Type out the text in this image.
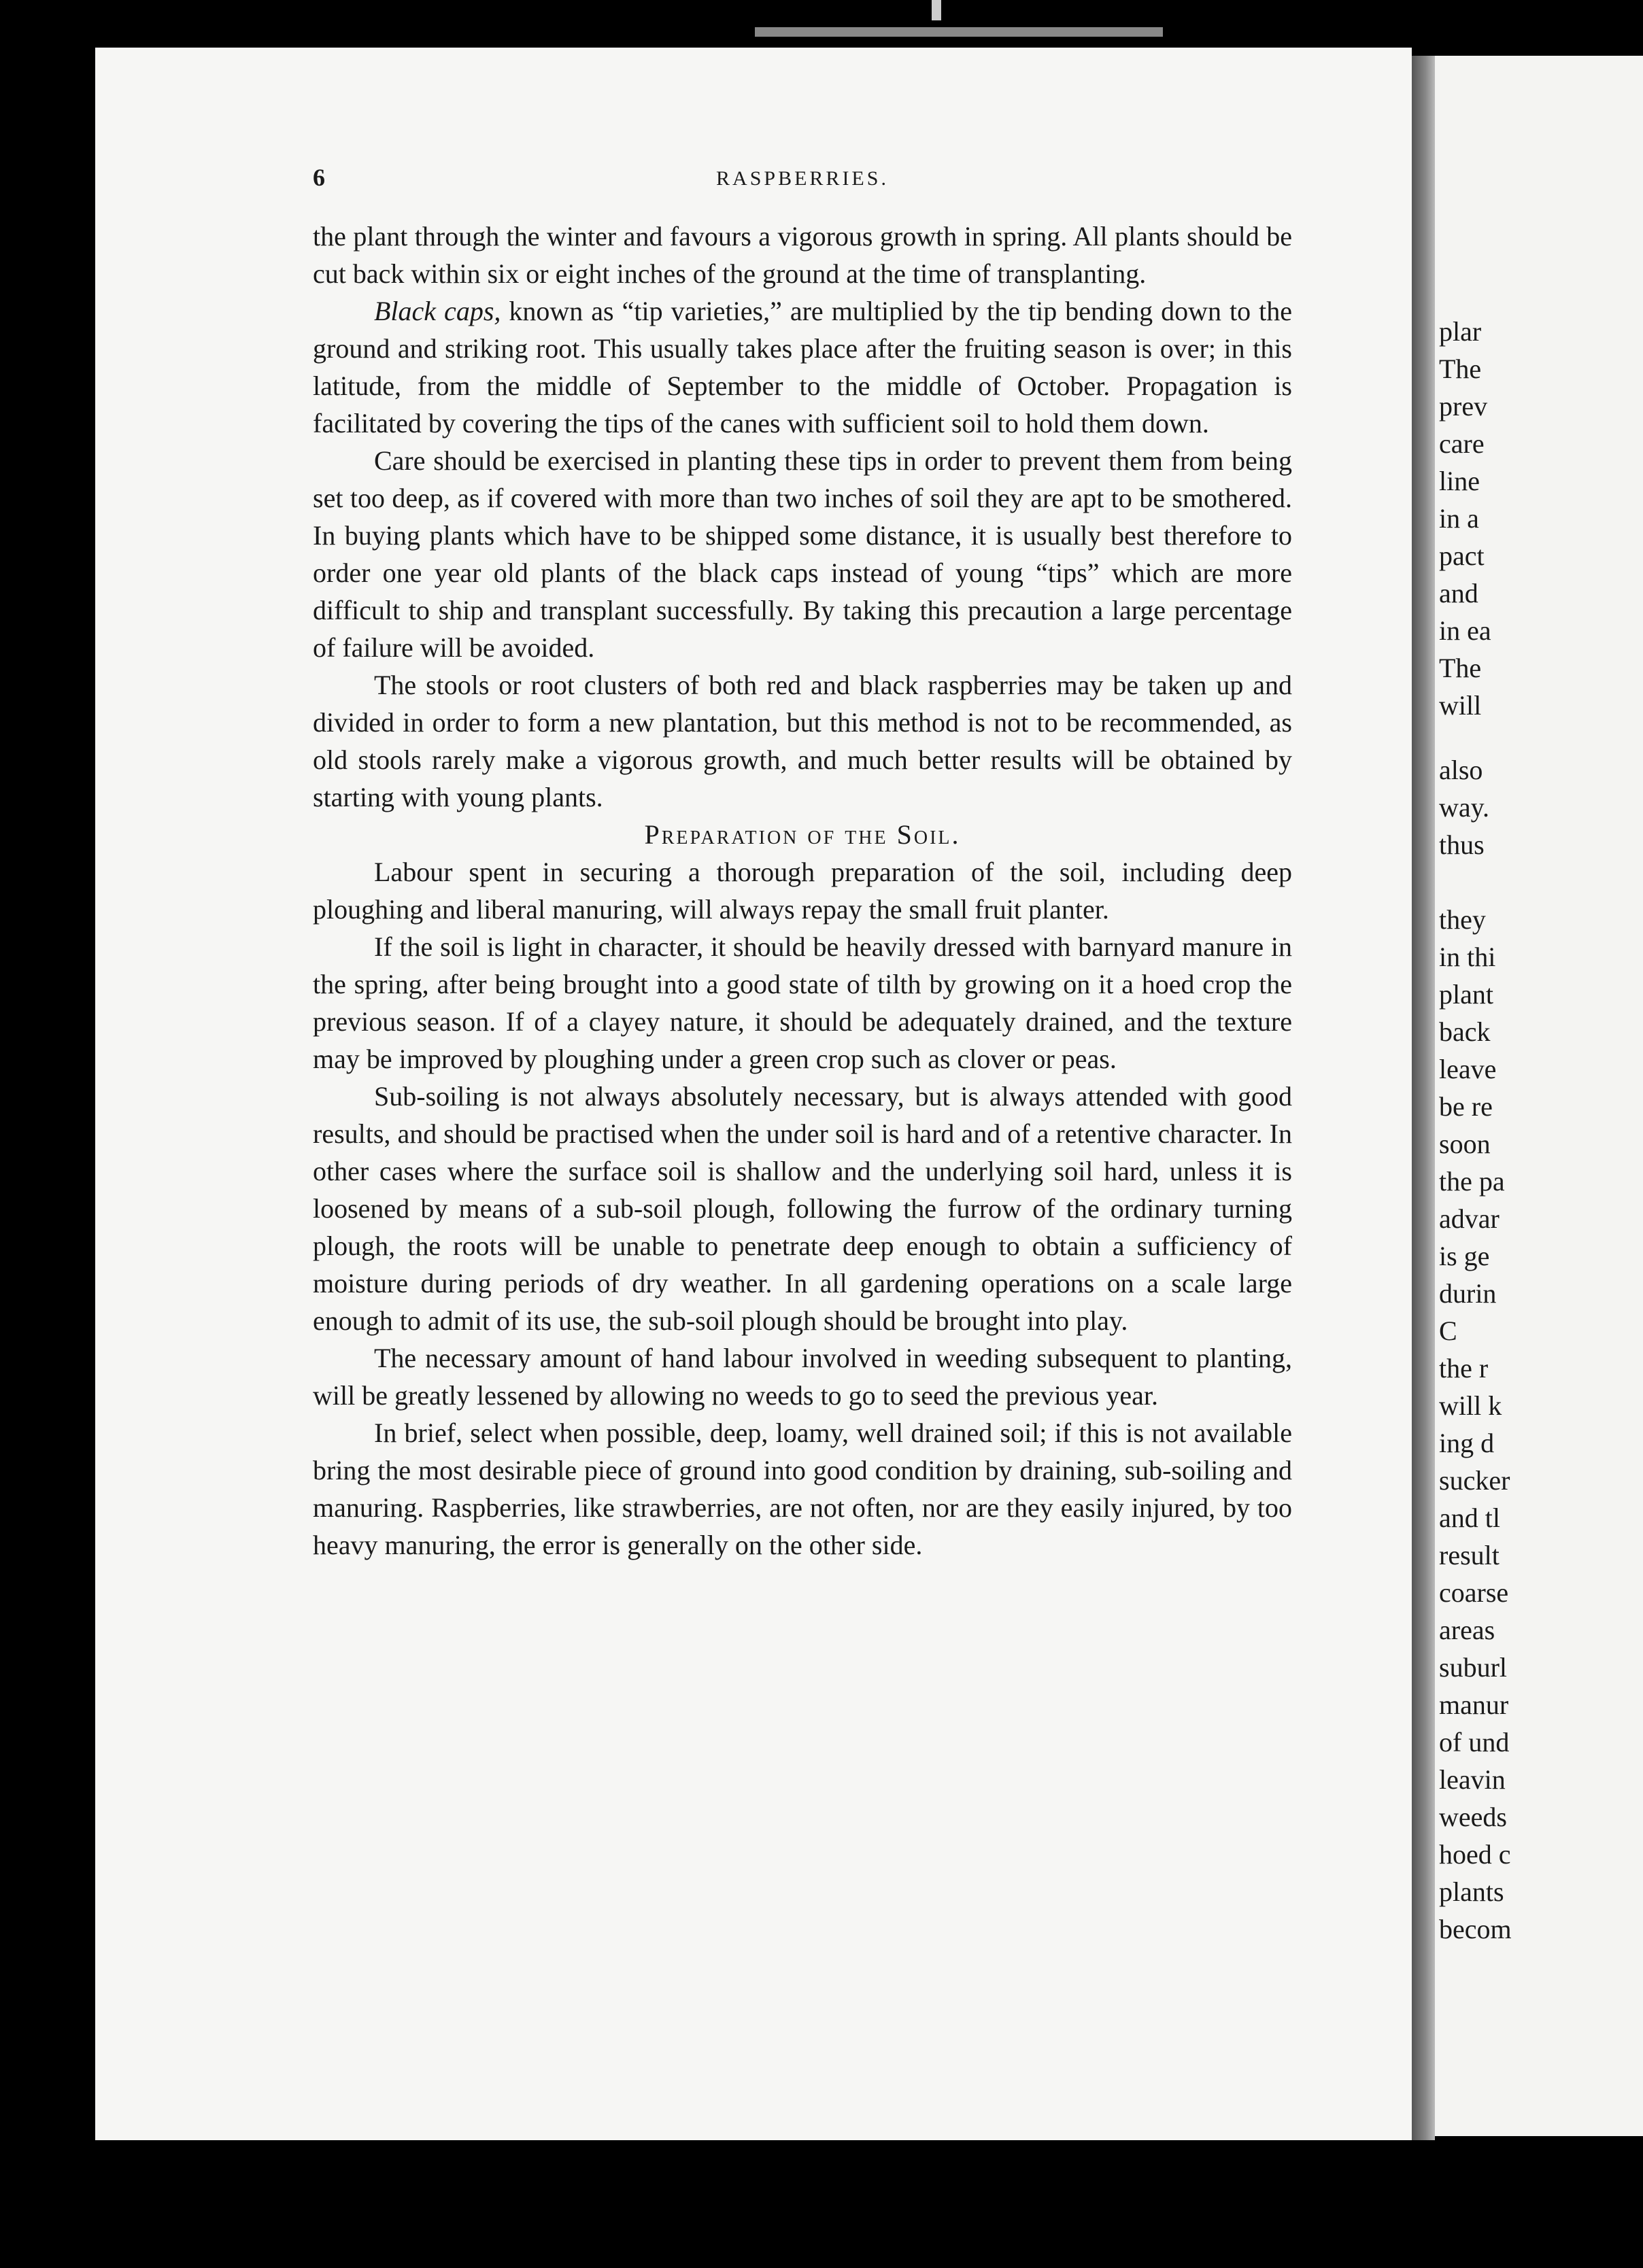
6	RASPBERRIES.

the plant through the winter and favours a vigorous growth in spring. All plants should be cut back within six or eight inches of the ground at the time of transplanting.

Black caps, known as “tip varieties,” are multiplied by the tip bending down to the ground and striking root. This usually takes place after the fruiting season is over; in this latitude, from the middle of September to the middle of October. Propagation is facilitated by covering the tips of the canes with sufficient soil to hold them down.

Care should be exercised in planting these tips in order to prevent them from being set too deep, as if covered with more than two inches of soil they are apt to be smothered. In buying plants which have to be shipped some distance, it is usually best therefore to order one year old plants of the black caps instead of young “tips” which are more difficult to ship and transplant successfully. By taking this precaution a large percentage of failure will be avoided.

The stools or root clusters of both red and black raspberries may be taken up and divided in order to form a new plantation, but this method is not to be recommended, as old stools rarely make a vigorous growth, and much better results will be obtained by starting with young plants.

Preparation of the Soil.

Labour spent in securing a thorough preparation of the soil, including deep ploughing and liberal manuring, will always repay the small fruit planter.

If the soil is light in character, it should be heavily dressed with barnyard manure in the spring, after being brought into a good state of tilth by growing on it a hoed crop the previous season. If of a clayey nature, it should be adequately drained, and the texture may be improved by ploughing under a green crop such as clover or peas.

Sub-soiling is not always absolutely necessary, but is always attended with good results, and should be practised when the under soil is hard and of a retentive character. In other cases where the surface soil is shallow and the underlying soil hard, unless it is loosened by means of a sub-soil plough, following the furrow of the ordinary turning plough, the roots will be unable to penetrate deep enough to obtain a sufficiency of moisture during periods of dry weather. In all gardening operations on a scale large enough to admit of its use, the sub-soil plough should be brought into play.

The necessary amount of hand labour involved in weeding subsequent to planting, will be greatly lessened by allowing no weeds to go to seed the previous year.

In brief, select when possible, deep, loamy, well drained soil; if this is not available bring the most desirable piece of ground into good condition by draining, sub-soiling and manuring. Raspberries, like strawberries, are not often, nor are they easily injured, by too heavy manuring, the error is generally on the other side.

plar
The
prev
care
line
in a
pact
and
in ea
The
will
also
way.
thus
they
in thi
plant
back
leave
be re
soon
the pa
advar
is ge
durin
C
the r
will k
ing d
sucker
and tl
result
coarse
areas
suburl
manur
of und
leavin
weeds
hoed c
plants
becom
